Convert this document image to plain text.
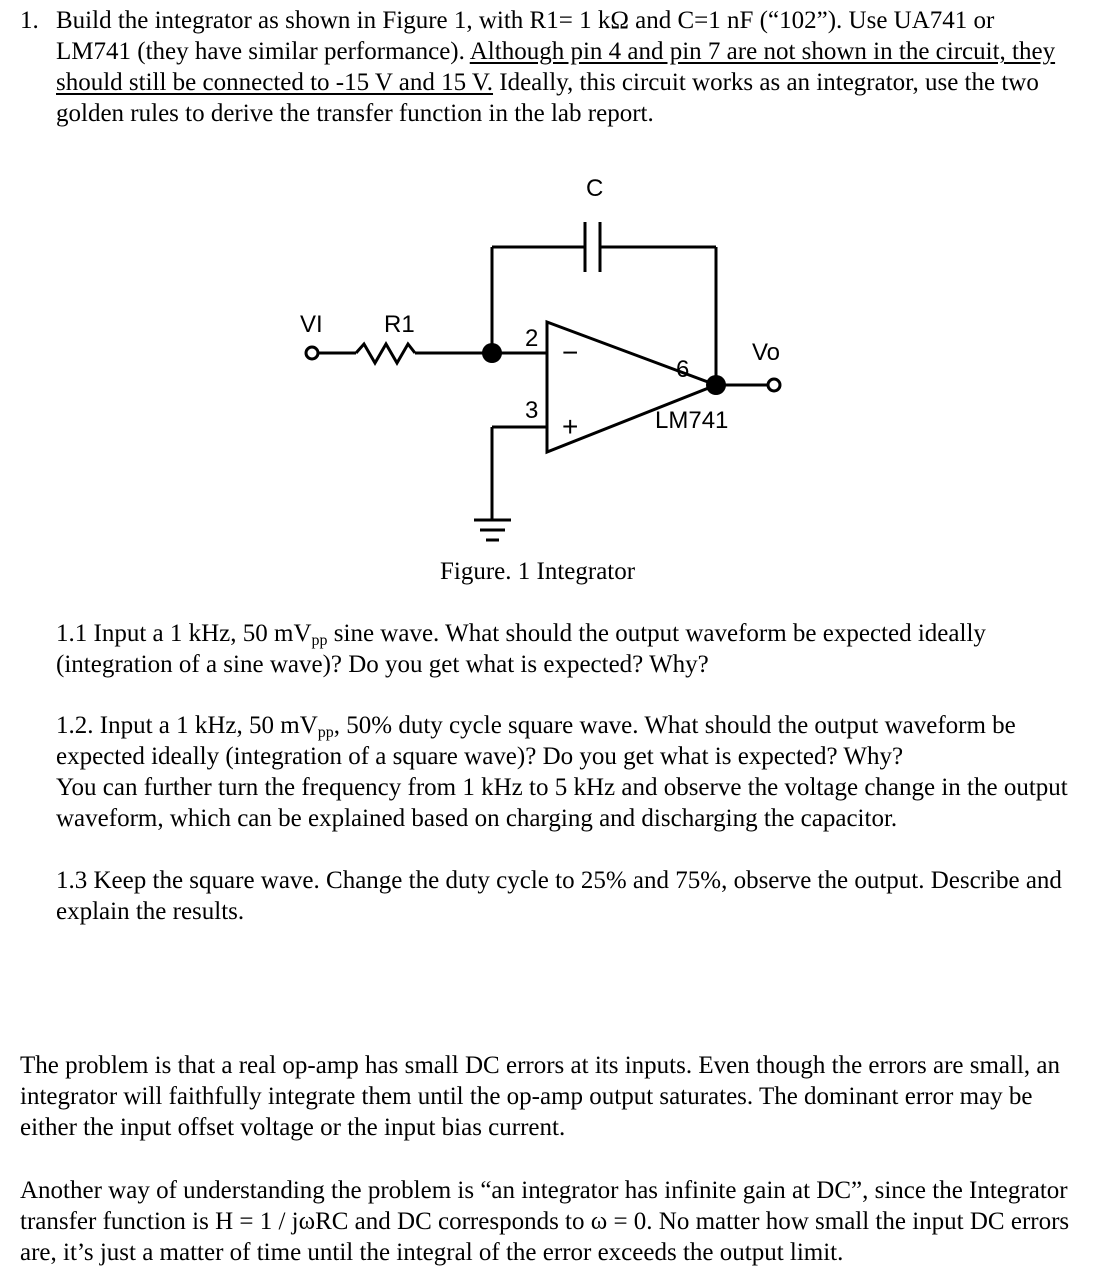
1. Build the integrator as shown in Figure 1, with R1= 1 kΩ and C=1 nF (“102”). Use UA741 or LM741 (they have similar performance). Although pin 4 and pin 7 are not shown in the circuit, they should still be connected to -15 V and 15 V. Ideally, this circuit works as an integrator, use the two golden rules to derive the transfer function in the lab report.

C
VI	R1
Vo
2
3
6
−
+	LM741
Figure. 1 Integrator

1.1 Input a 1 kHz, 50 $mV_{pp}$ sine wave. What should the output waveform be expected ideally (integration of a sine wave)? Do you get what is expected? Why?

1.2. Input a 1 kHz, 50 $mV_{pp}$, 50% duty cycle square wave. What should the output waveform be expected ideally (integration of a square wave)? Do you get what is expected? Why?
You can further turn the frequency from 1 kHz to 5 kHz and observe the voltage change in the output waveform, which can be explained based on charging and discharging the capacitor.

1.3 Keep the square wave. Change the duty cycle to 25% and 75%, observe the output. Describe and explain the results.

The problem is that a real op-amp has small DC errors at its inputs. Even though the errors are small, an integrator will faithfully integrate them until the op-amp output saturates. The dominant error may be either the input offset voltage or the input bias current.

Another way of understanding the problem is “an integrator has infinite gain at DC”, since the Integrator transfer function is H = 1 / jωRC and DC corresponds to ω = 0. No matter how small the input DC errors are, it’s just a matter of time until the integral of the error exceeds the output limit.
